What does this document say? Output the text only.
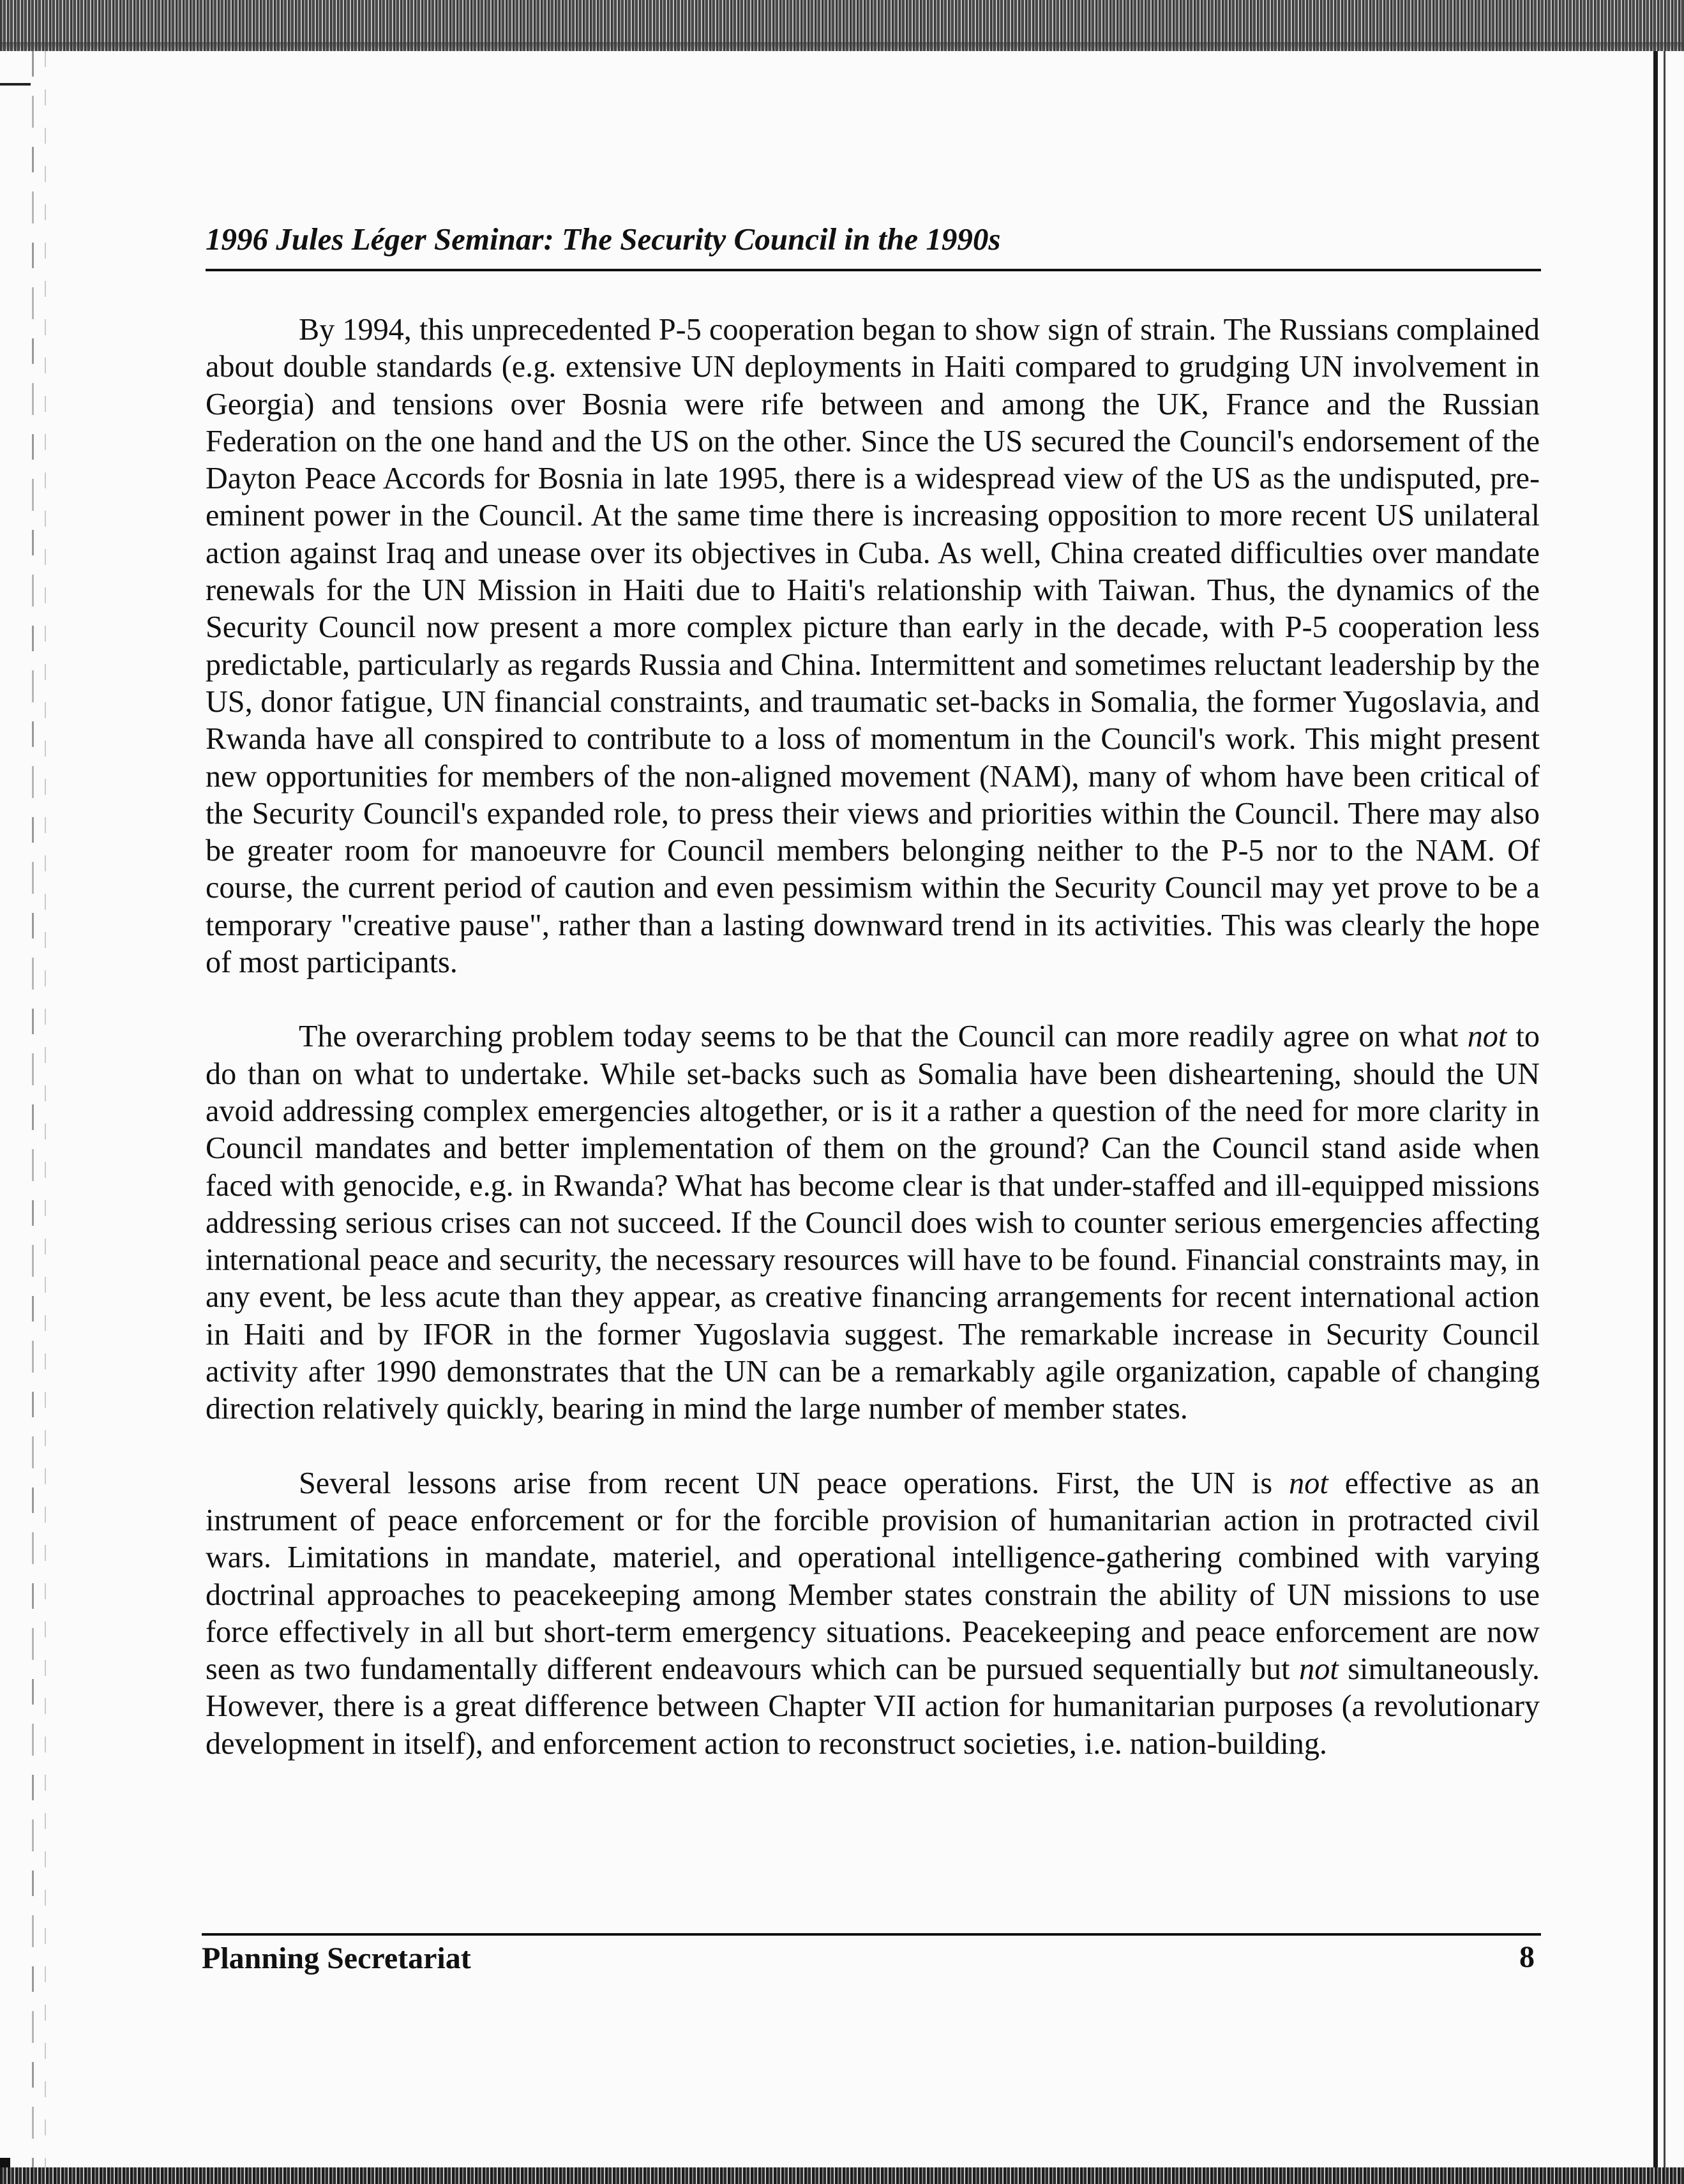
1996 Jules Léger Seminar: The Security Council in the 1990s

By 1994, this unprecedented P-5 cooperation began to show sign of strain. The Russians complained about double standards (e.g. extensive UN deployments in Haiti compared to grudging UN involvement in Georgia) and tensions over Bosnia were rife between and among the UK, France and the Russian Federation on the one hand and the US on the other. Since the US secured the Council's endorsement of the Dayton Peace Accords for Bosnia in late 1995, there is a widespread view of the US as the undisputed, pre-eminent power in the Council. At the same time there is increasing opposition to more recent US unilateral action against Iraq and unease over its objectives in Cuba. As well, China created difficulties over mandate renewals for the UN Mission in Haiti due to Haiti's relationship with Taiwan. Thus, the dynamics of the Security Council now present a more complex picture than early in the decade, with P-5 cooperation less predictable, particularly as regards Russia and China. Intermittent and sometimes reluctant leadership by the US, donor fatigue, UN financial constraints, and traumatic set-backs in Somalia, the former Yugoslavia, and Rwanda have all conspired to contribute to a loss of momentum in the Council's work. This might present new opportunities for members of the non-aligned movement (NAM), many of whom have been critical of the Security Council's expanded role, to press their views and priorities within the Council. There may also be greater room for manoeuvre for Council members belonging neither to the P-5 nor to the NAM. Of course, the current period of caution and even pessimism within the Security Council may yet prove to be a temporary "creative pause", rather than a lasting downward trend in its activities. This was clearly the hope of most participants.

The overarching problem today seems to be that the Council can more readily agree on what not to do than on what to undertake. While set-backs such as Somalia have been disheartening, should the UN avoid addressing complex emergencies altogether, or is it a rather a question of the need for more clarity in Council mandates and better implementation of them on the ground? Can the Council stand aside when faced with genocide, e.g. in Rwanda? What has become clear is that under-staffed and ill-equipped missions addressing serious crises can not succeed. If the Council does wish to counter serious emergencies affecting international peace and security, the necessary resources will have to be found. Financial constraints may, in any event, be less acute than they appear, as creative financing arrangements for recent international action in Haiti and by IFOR in the former Yugoslavia suggest. The remarkable increase in Security Council activity after 1990 demonstrates that the UN can be a remarkably agile organization, capable of changing direction relatively quickly, bearing in mind the large number of member states.

Several lessons arise from recent UN peace operations. First, the UN is not effective as an instrument of peace enforcement or for the forcible provision of humanitarian action in protracted civil wars. Limitations in mandate, materiel, and operational intelligence-gathering combined with varying doctrinal approaches to peacekeeping among Member states constrain the ability of UN missions to use force effectively in all but short-term emergency situations. Peacekeeping and peace enforcement are now seen as two fundamentally different endeavours which can be pursued sequentially but not simultaneously. However, there is a great difference between Chapter VII action for humanitarian purposes (a revolutionary development in itself), and enforcement action to reconstruct societies, i.e. nation-building.

Planning Secretariat	8
